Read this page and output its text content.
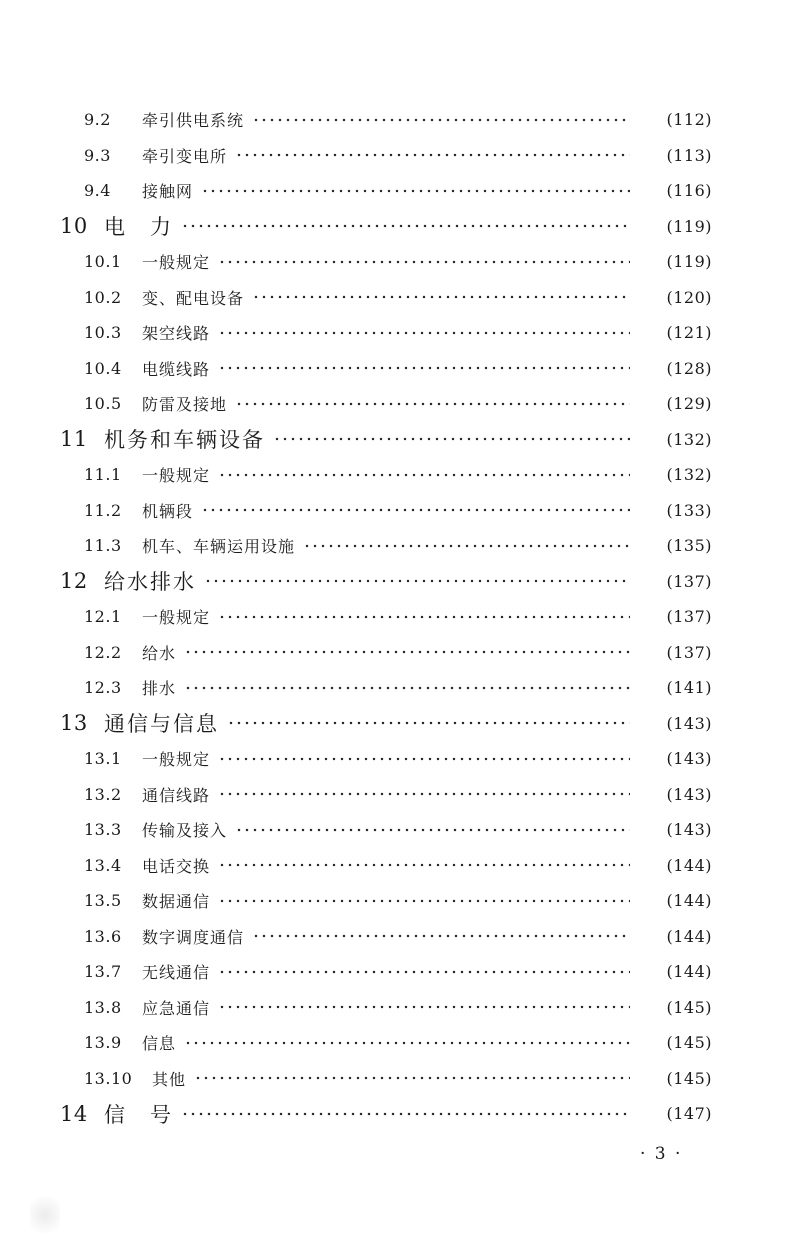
9.2	牵引供电系统	(112)
9.3	牵引变电所	(113)
9.4	接触网	(116)
10 电　力	(119)
10.1	一般规定	(119)
10.2	变、配电设备	(120)
10.3	架空线路	(121)
10.4	电缆线路	(128)
10.5	防雷及接地	(129)
11 机务和车辆设备	(132)
11.1	一般规定	(132)
11.2	机辆段	(133)
11.3	机车、车辆运用设施	(135)
12 给水排水	(137)
12.1	一般规定	(137)
12.2	给水	(137)
12.3	排水	(141)
13 通信与信息	(143)
13.1	一般规定	(143)
13.2	通信线路	(143)
13.3	传输及接入	(143)
13.4	电话交换	(144)
13.5	数据通信	(144)
13.6	数字调度通信	(144)
13.7	无线通信	(144)
13.8	应急通信	(145)
13.9	信息	(145)
13.10	其他	(145)
14 信　号	(147)
· 3 ·
